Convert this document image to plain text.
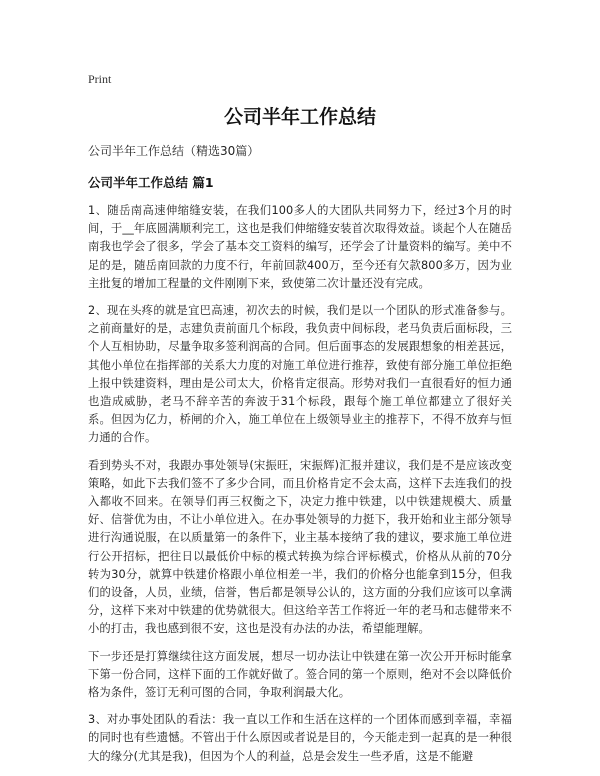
Print
公司半年工作总结

公司半年工作总结（精选30篇）

公司半年工作总结 篇1

1、随岳南高速伸缩缝安装，在我们100多人的大团队共同努力下，经过3个月的时间，于__年底圆满顺利完工，这也是我们伸缩缝安装首次取得效益。谈起个人在随岳南我也学会了很多，学会了基本交工资料的编写，还学会了计量资料的编写。美中不足的是，随岳南回款的力度不行，年前回款400万，至今还有欠款800多万，因为业主批复的增加工程量的文件刚刚下来，致使第二次计量还没有完成。

2、现在头疼的就是宜巴高速，初次去的时候，我们是以一个团队的形式准备参与。之前商量好的是，志建负责前面几个标段，我负责中间标段，老马负责后面标段，三个人互相协助，尽量争取多签利润高的合同。但后面事态的发展跟想象的相差甚远，其他小单位在指挥部的关系大力度的对施工单位进行推荐，致使有部分施工单位拒绝上报中铁建资料，理由是公司太大，价格肯定很高。形势对我们一直很看好的恒力通也造成威胁，老马不辞辛苦的奔波于31个标段，跟每个施工单位都建立了很好关系。但因为亿力，桥闸的介入，施工单位在上级领导业主的推荐下，不得不放弃与恒力通的合作。

看到势头不对，我跟办事处领导(宋振旺，宋振辉)汇报并建议，我们是不是应该改变策略，如此下去我们签不了多少合同，而且价格肯定不会太高，这样下去连我们的投入都收不回来。在领导们再三权衡之下，决定力推中铁建，以中铁建规模大、质量好、信誉优为由，不让小单位进入。在办事处领导的力挺下，我开始和业主部分领导进行沟通说服，在以质量第一的条件下，业主基本接纳了我的建议，要求施工单位进行公开招标，把往日以最低价中标的模式转换为综合评标模式，价格从从前的70分转为30分，就算中铁建价格跟小单位相差一半，我们的价格分也能拿到15分，但我们的设备，人员，业绩，信誉，售后都是领导公认的，这方面的分我们应该可以拿满分，这样下来对中铁建的优势就很大。但这给辛苦工作将近一年的老马和志健带来不小的打击，我也感到很不安，这也是没有办法的办法，希望能理解。

下一步还是打算继续往这方面发展，想尽一切办法让中铁建在第一次公开开标时能拿下第一份合同，这样下面的工作就好做了。签合同的第一个原则，绝对不会以降低价格为条件，签订无利可图的合同，争取利润最大化。

3、对办事处团队的看法：我一直以工作和生活在这样的一个团体而感到幸福，幸福的同时也有些遗憾。不管出于什么原因或者说是目的，今天能走到一起真的是一种很大的缘分(尤其是我)，但因为个人的利益，总是会发生一些矛盾，这是不能避
